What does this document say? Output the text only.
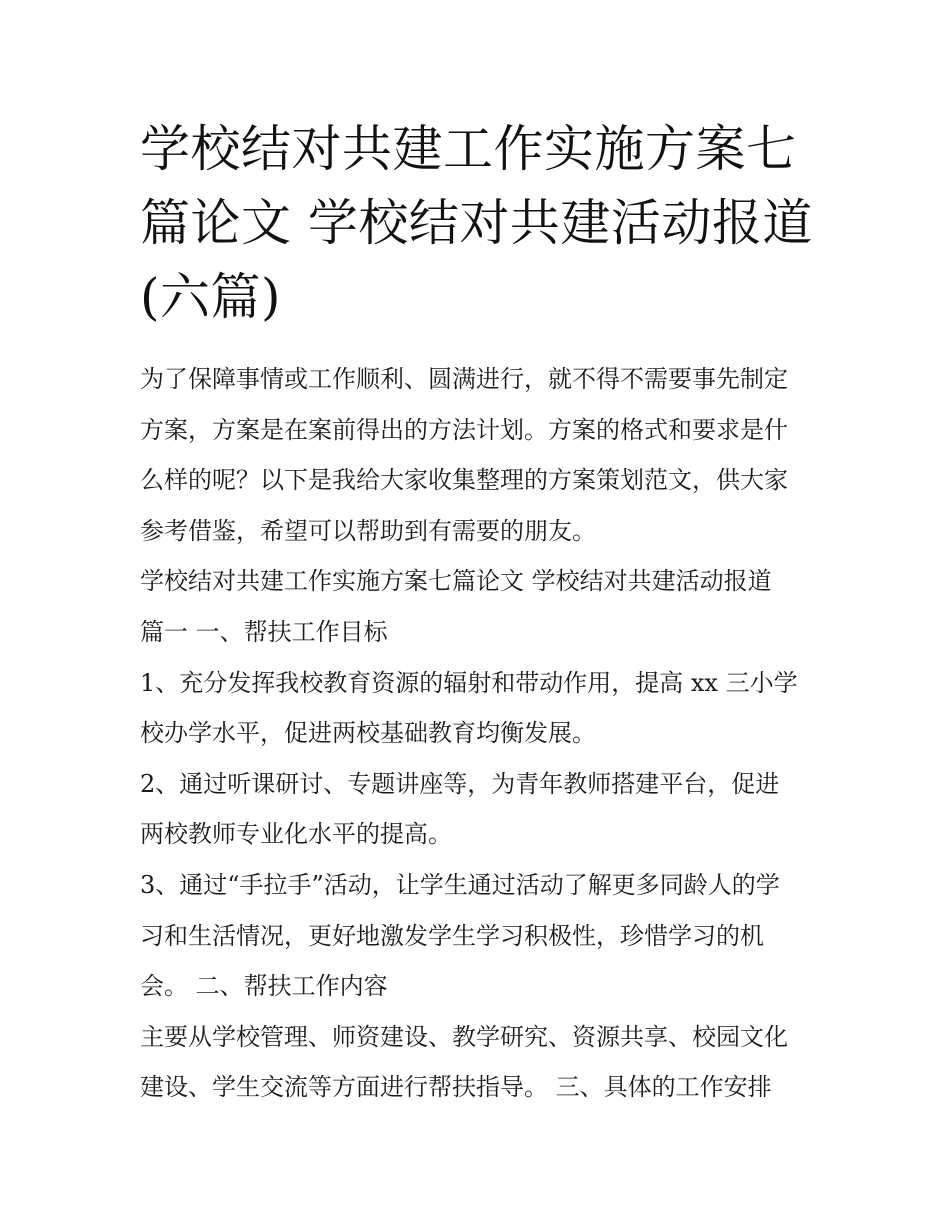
学校结对共建工作实施方案七
篇论文 学校结对共建活动报道
(六篇)
为了保障事情或工作顺利、圆满进行，就不得不需要事先制定
方案，方案是在案前得出的方法计划。方案的格式和要求是什
么样的呢？以下是我给大家收集整理的方案策划范文，供大家
参考借鉴，希望可以帮助到有需要的朋友。
学校结对共建工作实施方案七篇论文 学校结对共建活动报道
篇一 一、帮扶工作目标
1、充分发挥我校教育资源的辐射和带动作用，提高 xx 三小学
校办学水平，促进两校基础教育均衡发展。
2、通过听课研讨、专题讲座等，为青年教师搭建平台，促进
两校教师专业化水平的提高。
3、通过“手拉手”活动，让学生通过活动了解更多同龄人的学
习和生活情况，更好地激发学生学习积极性，珍惜学习的机
会。 二、帮扶工作内容
主要从学校管理、师资建设、教学研究、资源共享、校园文化
建设、学生交流等方面进行帮扶指导。 三、具体的工作安排
